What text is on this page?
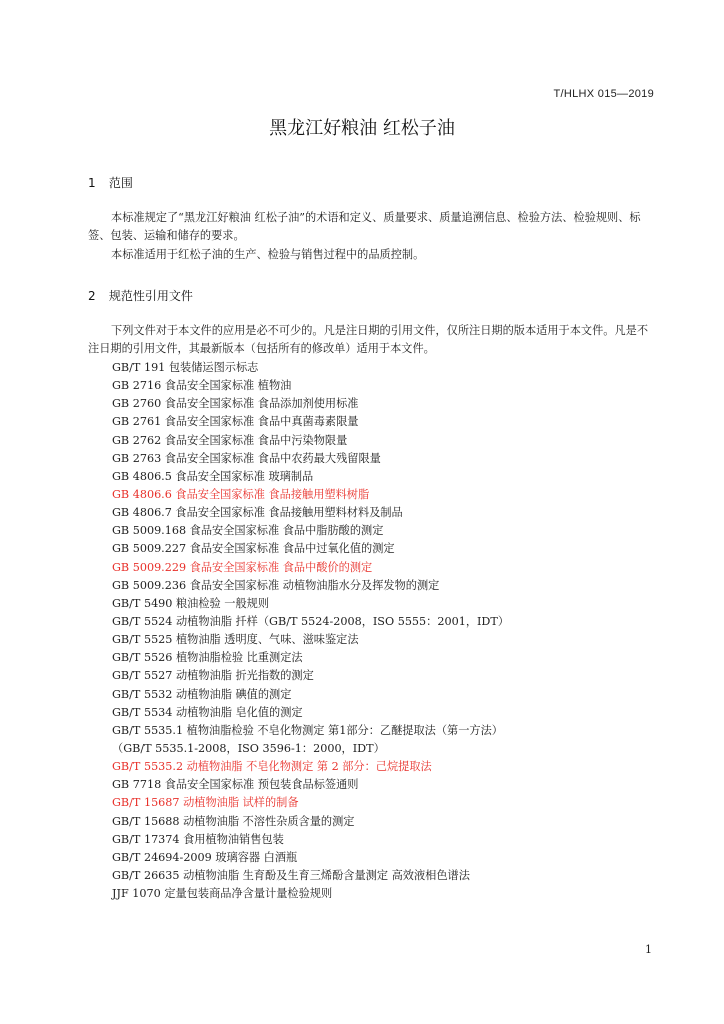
T/HLHX 015—2019
黑龙江好粮油 红松子油
1 范围

本标准规定了“黑龙江好粮油 红松子油”的术语和定义、质量要求、质量追溯信息、检验方法、检验规则、标签、包装、运输和储存的要求。

本标准适用于红松子油的生产、检验与销售过程中的品质控制。

2 规范性引用文件

下列文件对于本文件的应用是必不可少的。凡是注日期的引用文件，仅所注日期的版本适用于本文件。凡是不注日期的引用文件，其最新版本（包括所有的修改单）适用于本文件。

GB/T 191 包装储运图示标志
GB 2716 食品安全国家标准 植物油
GB 2760 食品安全国家标准 食品添加剂使用标准
GB 2761 食品安全国家标准 食品中真菌毒素限量
GB 2762 食品安全国家标准 食品中污染物限量
GB 2763 食品安全国家标准 食品中农药最大残留限量
GB 4806.5 食品安全国家标准 玻璃制品
GB 4806.6 食品安全国家标准 食品接触用塑料树脂
GB 4806.7 食品安全国家标准 食品接触用塑料材料及制品
GB 5009.168 食品安全国家标准 食品中脂肪酸的测定
GB 5009.227 食品安全国家标准 食品中过氧化值的测定
GB 5009.229 食品安全国家标准 食品中酸价的测定
GB 5009.236 食品安全国家标准 动植物油脂水分及挥发物的测定
GB/T 5490 粮油检验 一般规则
GB/T 5524 动植物油脂 扦样（GB/T 5524-2008，ISO 5555：2001，IDT）
GB/T 5525 植物油脂 透明度、气味、滋味鉴定法
GB/T 5526 植物油脂检验 比重测定法
GB/T 5527 动植物油脂 折光指数的测定
GB/T 5532 动植物油脂 碘值的测定
GB/T 5534 动植物油脂 皂化值的测定
GB/T 5535.1 植物油脂检验 不皂化物测定 第1部分：乙醚提取法（第一方法）
（GB/T 5535.1-2008，ISO 3596-1：2000，IDT）
GB/T 5535.2 动植物油脂 不皂化物测定 第 2 部分：己烷提取法
GB 7718 食品安全国家标准 预包装食品标签通则
GB/T 15687 动植物油脂 试样的制备
GB/T 15688 动植物油脂 不溶性杂质含量的测定
GB/T 17374 食用植物油销售包装
GB/T 24694-2009 玻璃容器 白酒瓶
GB/T 26635 动植物油脂 生育酚及生育三烯酚含量测定 高效液相色谱法
JJF 1070 定量包装商品净含量计量检验规则
1
